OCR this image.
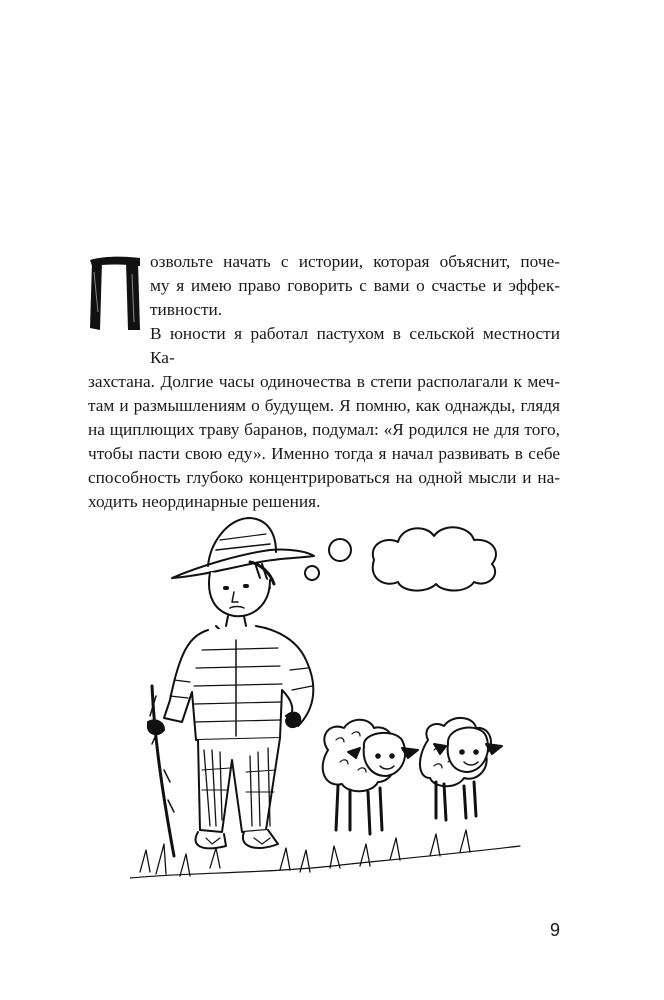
озвольте начать с истории, которая объяснит, поче-

му я имею право говорить с вами о счастье и эффек-

тивности.

В юности я работал пастухом в сельской местности Ка-

захстана. Долгие часы одиночества в степи располагали к меч-

там и размышлениям о будущем. Я помню, как однажды, глядя

на щиплющих траву баранов, подумал: «Я родился не для того,

чтобы пасти свою еду». Именно тогда я начал развивать в себе

способность глубоко концентрироваться на одной мысли и на-

ходить неординарные решения.

9
